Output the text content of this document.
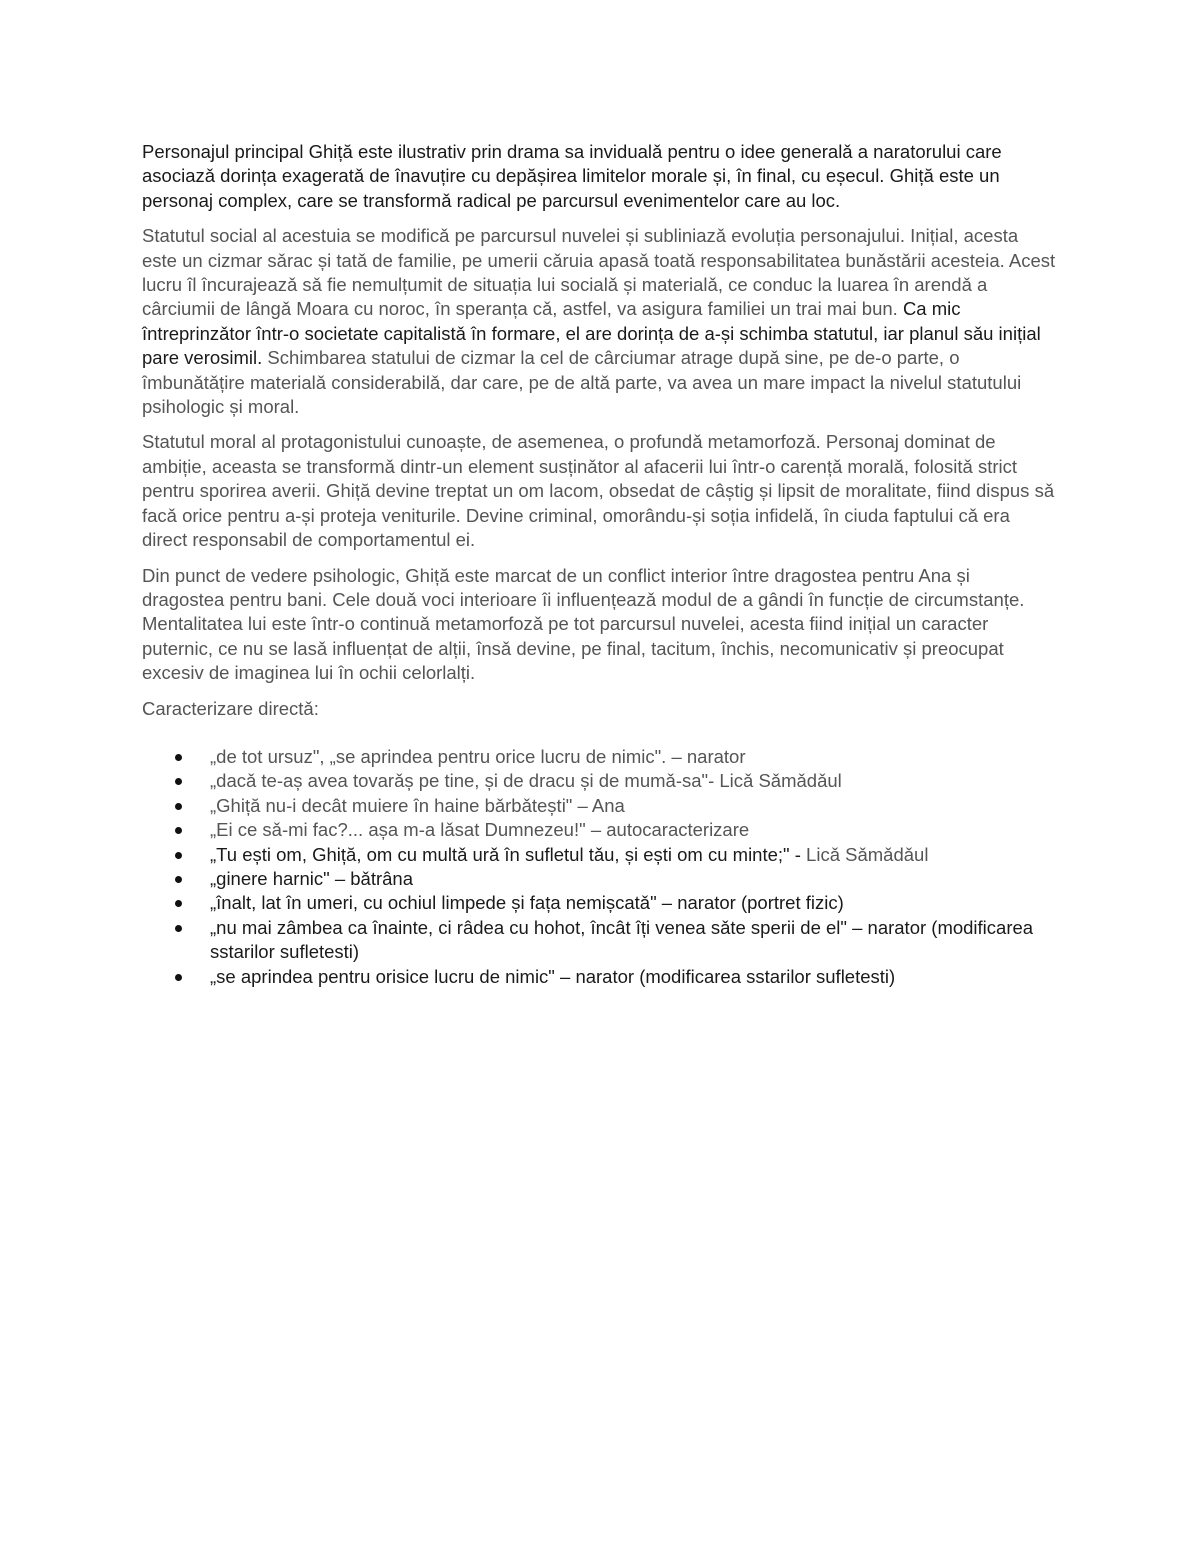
Personajul principal Ghiță este ilustrativ prin drama sa invidualǎ pentru o idee generalǎ a naratorului care asociazǎ dorința exageratǎ de înavuțire cu depășirea limitelor morale și, în final, cu eșecul. Ghiță este un personaj complex, care se transformǎ radical pe parcursul evenimentelor care au loc.

Statutul social al acestuia se modificǎ pe parcursul nuvelei și subliniazǎ evoluția personajului. Inițial, acesta este un cizmar sǎrac și tatǎ de familie, pe umerii cǎruia apasǎ toatǎ responsabilitatea bunǎstǎrii acesteia. Acest lucru îl încurajeazǎ sǎ fie nemulțumit de situația lui socialǎ și materialǎ, ce conduc la luarea în arendǎ a cârciumii de lângǎ Moara cu noroc, în speranța cǎ, astfel, va asigura familiei un trai mai bun. Ca mic întreprinzǎtor într-o societate capitalistǎ în formare, el are dorința de a-și schimba statutul, iar planul sǎu inițial pare verosimil. Schimbarea statului de cizmar la cel de cârciumar atrage dupǎ sine, pe de-o parte, o îmbunǎtǎțire materialǎ considerabilǎ, dar care, pe de altǎ parte, va avea un mare impact la nivelul statutului psihologic și moral.

Statutul moral al protagonistului cunoaște, de asemenea, o profundǎ metamorfozǎ. Personaj dominat de ambiție, aceasta se transformǎ dintr-un element susținǎtor al afacerii lui într-o carențǎ moralǎ, folositǎ strict pentru sporirea averii. Ghiță devine treptat un om lacom, obsedat de câștig și lipsit de moralitate, fiind dispus sǎ facǎ orice pentru a-și proteja veniturile. Devine criminal, omorându-și soția infidelǎ, în ciuda faptului cǎ era direct responsabil de comportamentul ei.

Din punct de vedere psihologic, Ghiță este marcat de un conflict interior între dragostea pentru Ana și dragostea pentru bani. Cele douǎ voci interioare îi influențeazǎ modul de a gândi în funcție de circumstanțe. Mentalitatea lui este într-o continuǎ metamorfozǎ pe tot parcursul nuvelei, acesta fiind inițial un caracter puternic, ce nu se lasǎ influențat de alții, însǎ devine, pe final, tacitum, închis, necomunicativ și preocupat excesiv de imaginea lui în ochii celorlalți.

Caracterizare directǎ:

„de tot ursuz", „se aprindea pentru orice lucru de nimic". – narator
„dacǎ te-aș avea tovarǎș pe tine, și de dracu și de mumǎ-sa"- Licǎ Sǎmǎdǎul
„Ghiță nu-i decât muiere în haine bǎrbǎtești" – Ana
„Ei ce sǎ-mi fac?... așa m-a lǎsat Dumnezeu!" – autocaracterizare
„Tu ești om, Ghiță, om cu multǎ urǎ în sufletul tǎu, și ești om cu minte;" - Licǎ Sǎmǎdǎul
„ginere harnic" – bǎtrâna
„înalt, lat în umeri, cu ochiul limpede și fața nemișcatǎ" – narator (portret fizic)
„nu mai zâmbea ca înainte, ci râdea cu hohot, încât îți venea sǎte sperii de el" – narator (modificarea sstarilor sufletesti)
„se aprindea pentru orisice lucru de nimic" – narator (modificarea sstarilor sufletesti)
